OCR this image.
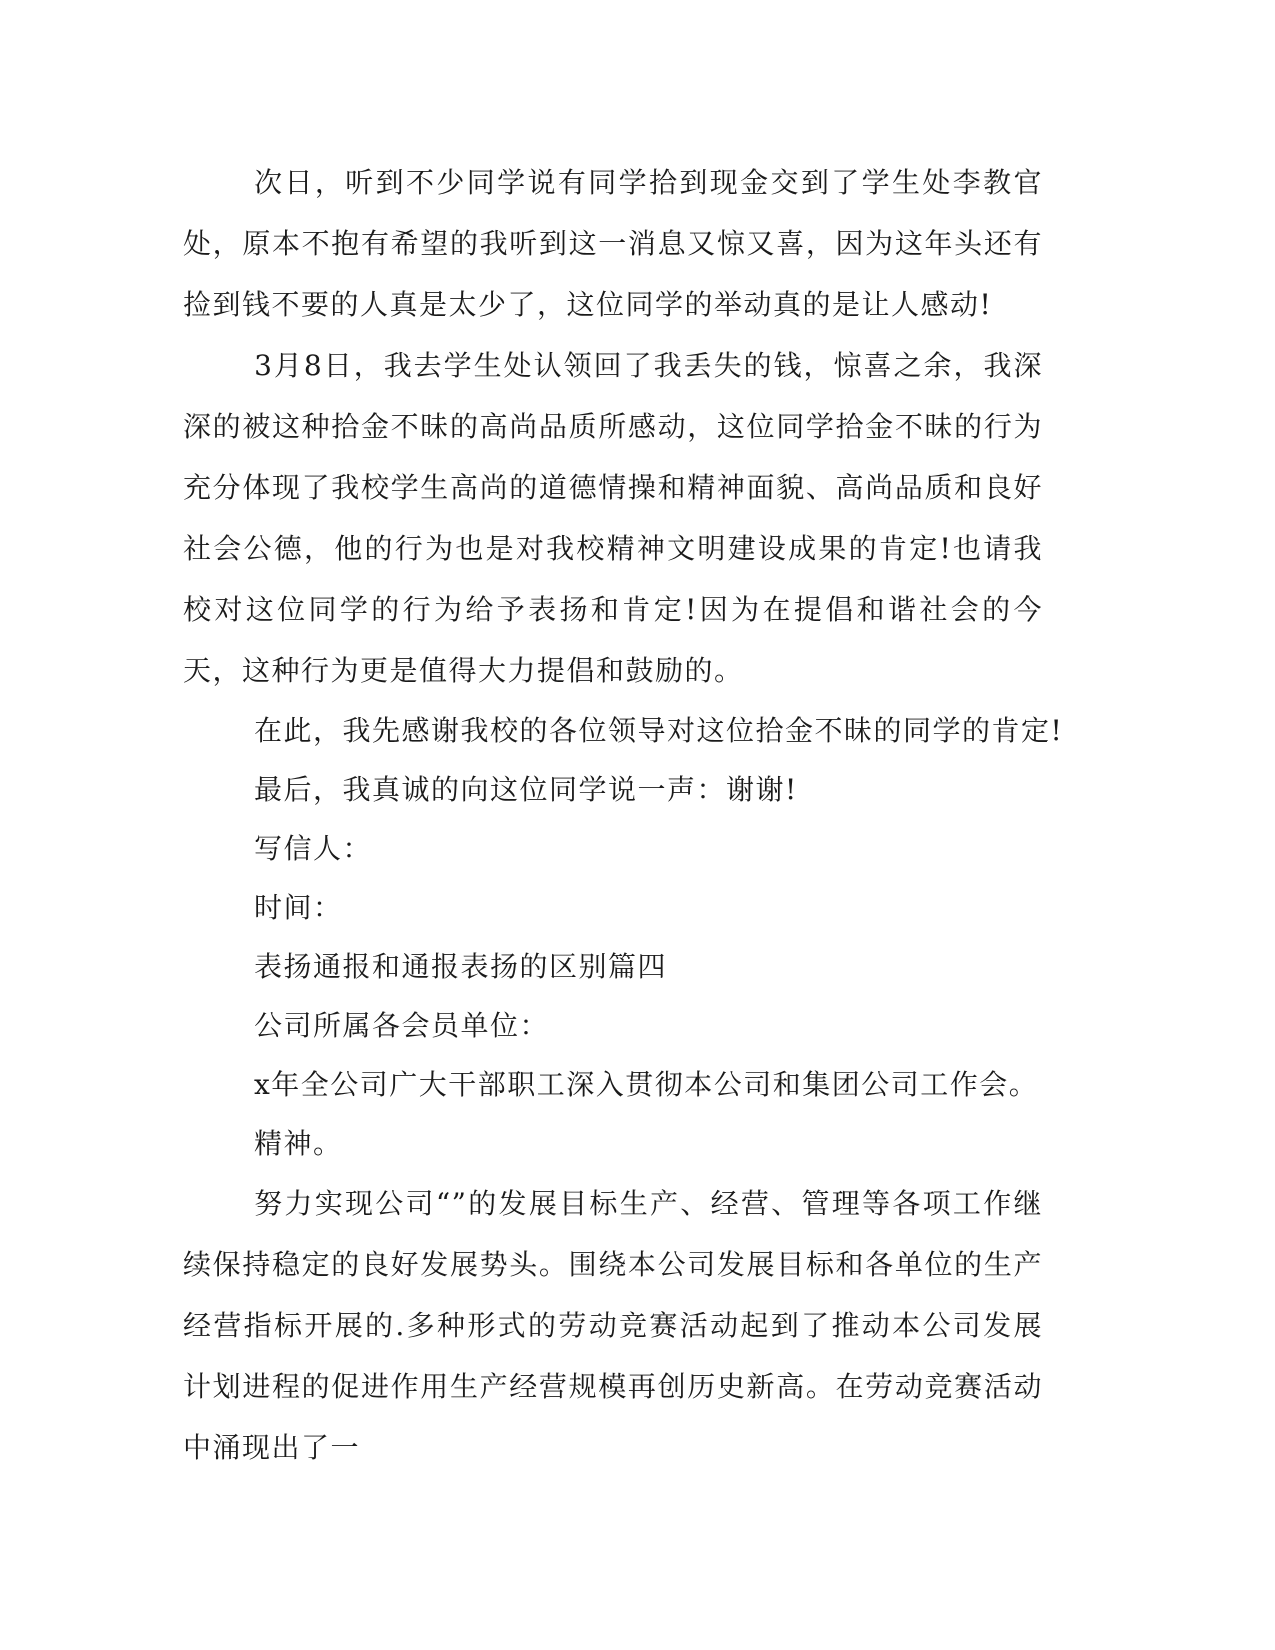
次日，听到不少同学说有同学拾到现金交到了学生处李教官处，原本不抱有希望的我听到这一消息又惊又喜，因为这年头还有捡到钱不要的人真是太少了，这位同学的举动真的是让人感动!

3月8日，我去学生处认领回了我丢失的钱，惊喜之余，我深深的被这种拾金不昧的高尚品质所感动，这位同学拾金不昧的行为充分体现了我校学生高尚的道德情操和精神面貌、高尚品质和良好社会公德，他的行为也是对我校精神文明建设成果的肯定!也请我校对这位同学的行为给予表扬和肯定!因为在提倡和谐社会的今天，这种行为更是值得大力提倡和鼓励的。

在此，我先感谢我校的各位领导对这位拾金不昧的同学的肯定!

最后，我真诚的向这位同学说一声：谢谢!

写信人：

时间：

表扬通报和通报表扬的区别篇四

公司所属各会员单位：

x年全公司广大干部职工深入贯彻本公司和集团公司工作会。

精神。

努力实现公司“”的发展目标生产、经营、管理等各项工作继续保持稳定的良好发展势头。围绕本公司发展目标和各单位的生产经营指标开展的.多种形式的劳动竞赛活动起到了推动本公司发展计划进程的促进作用生产经营规模再创历史新高。在劳动竞赛活动中涌现出了一
